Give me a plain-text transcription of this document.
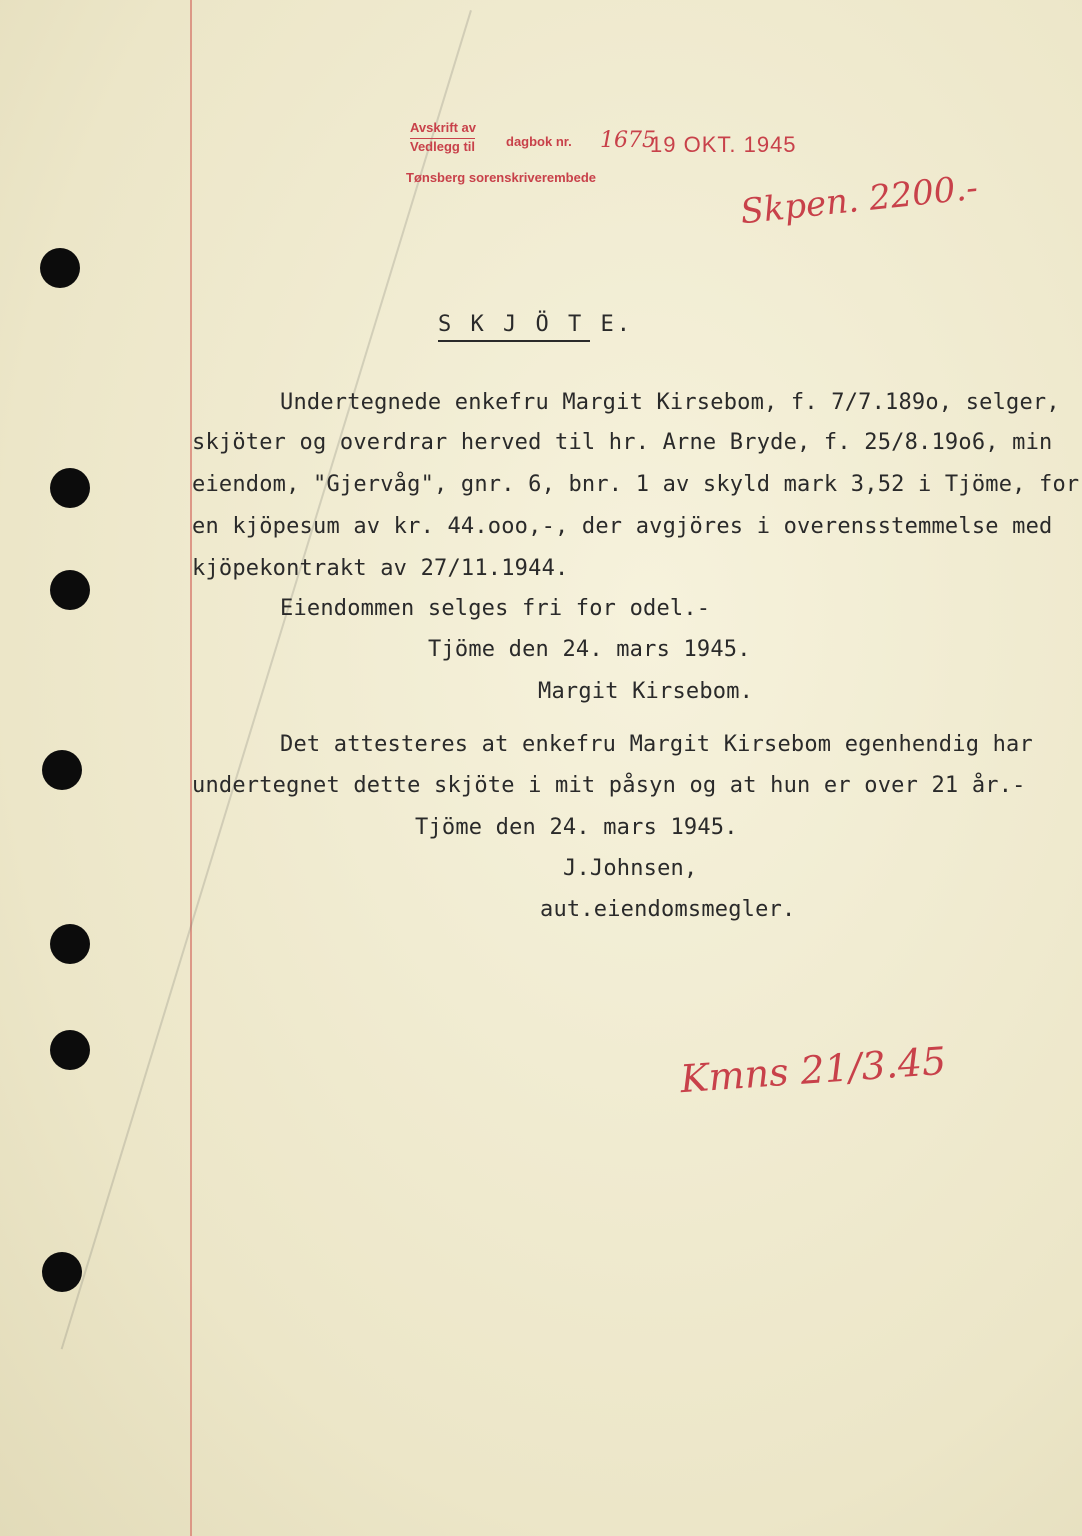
Avskrift av
Vedlegg til dagbok nr. 1675
19 OKT. 1945
Tønsberg sorenskriverembede	Skpen. 2200.-
S K J Ö T E.
Undertegnede enkefru Margit Kirsebom, f. 7/7.189o, selger,
skjöter og overdrar herved til hr. Arne Bryde, f. 25/8.19o6, min
eiendom, "Gjervåg", gnr. 6, bnr. 1 av skyld mark 3,52 i Tjöme, for
en kjöpesum av kr. 44.ooo,-, der avgjöres i overensstemmelse med
kjöpekontrakt av 27/11.1944.
Eiendommen selges fri for odel.-
Tjöme den 24. mars 1945.
Margit Kirsebom.
Det attesteres at enkefru Margit Kirsebom egenhendig har
undertegnet dette skjöte i mit påsyn og at hun er over 21 år.-
Tjöme den 24. mars 1945.
J.Johnsen,
aut.eiendomsmegler.
Kmns 21/3.45
